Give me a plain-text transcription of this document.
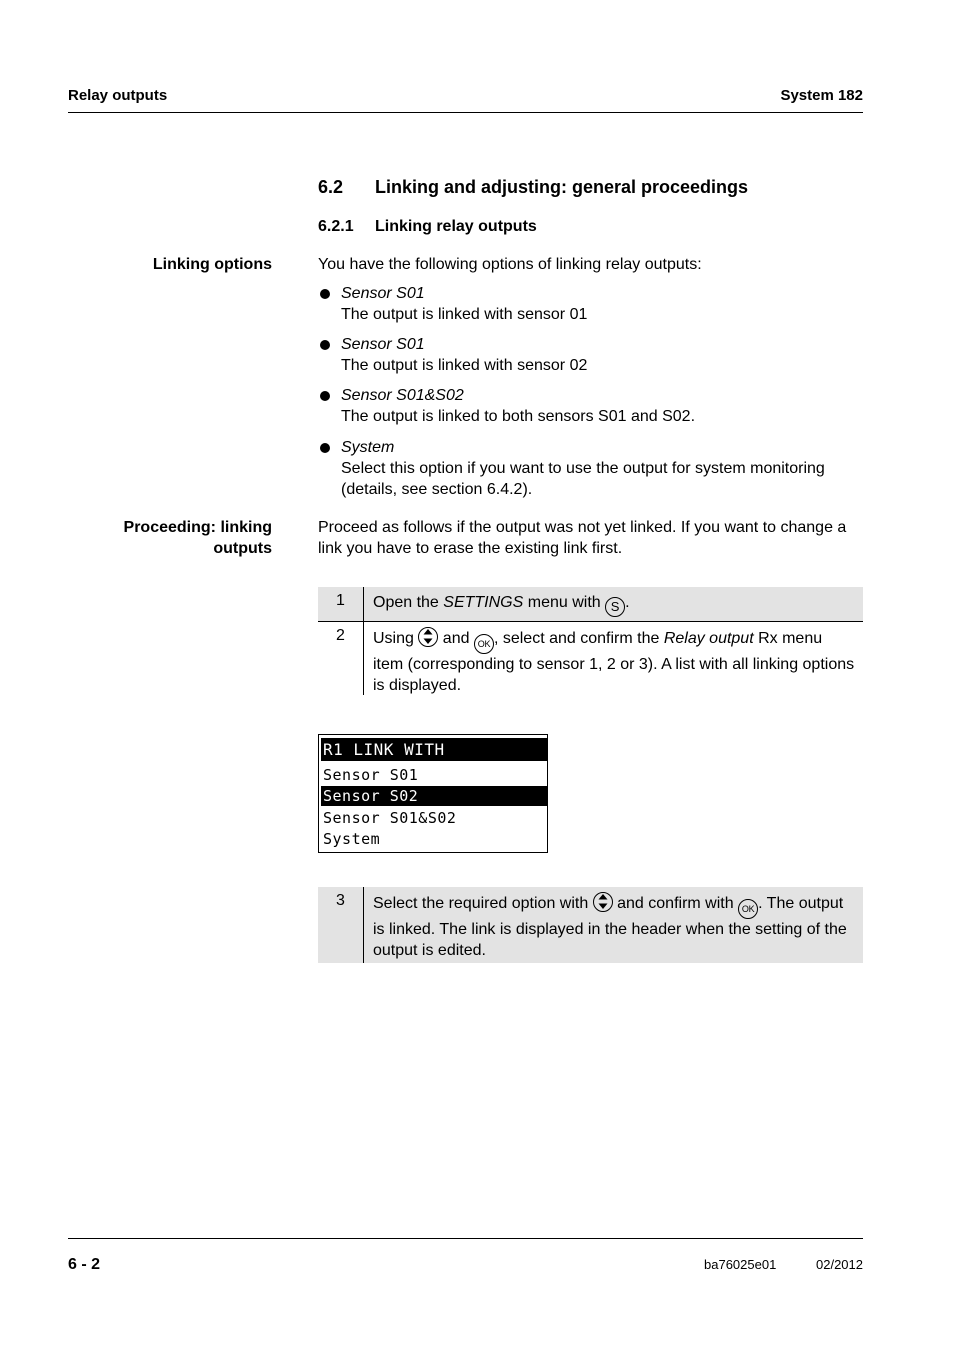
Relay outputs	System 182
6.2 Linking and adjusting: general proceedings
6.2.1 Linking relay outputs
Linking options	You have the following options of linking relay outputs:
Sensor S01
The output is linked with sensor 01
Sensor S01
The output is linked with sensor 02
Sensor S01&S02
The output is linked to both sensors S01 and S02.
System
Select this option if you want to use the output for system monitoring (details, see section 6.4.2).
Proceeding: linking
outputs
Proceed as follows if the output was not yet linked. If you want to change a link you have to erase the existing link first.
1	Open the SETTINGS menu with S .
2	Using
and OK , select and confirm the Relay output Rx menu item (corresponding to sensor 1, 2 or 3). A list with all linking options is displayed.
R1 LINK WITH
Sensor S01
Sensor S02
Sensor S01&S02
System
3	Select the required option with
and confirm with OK . The output is linked. The link is displayed in the header when the setting of the output is edited.
6 - 2	ba76025e01	02/2012
